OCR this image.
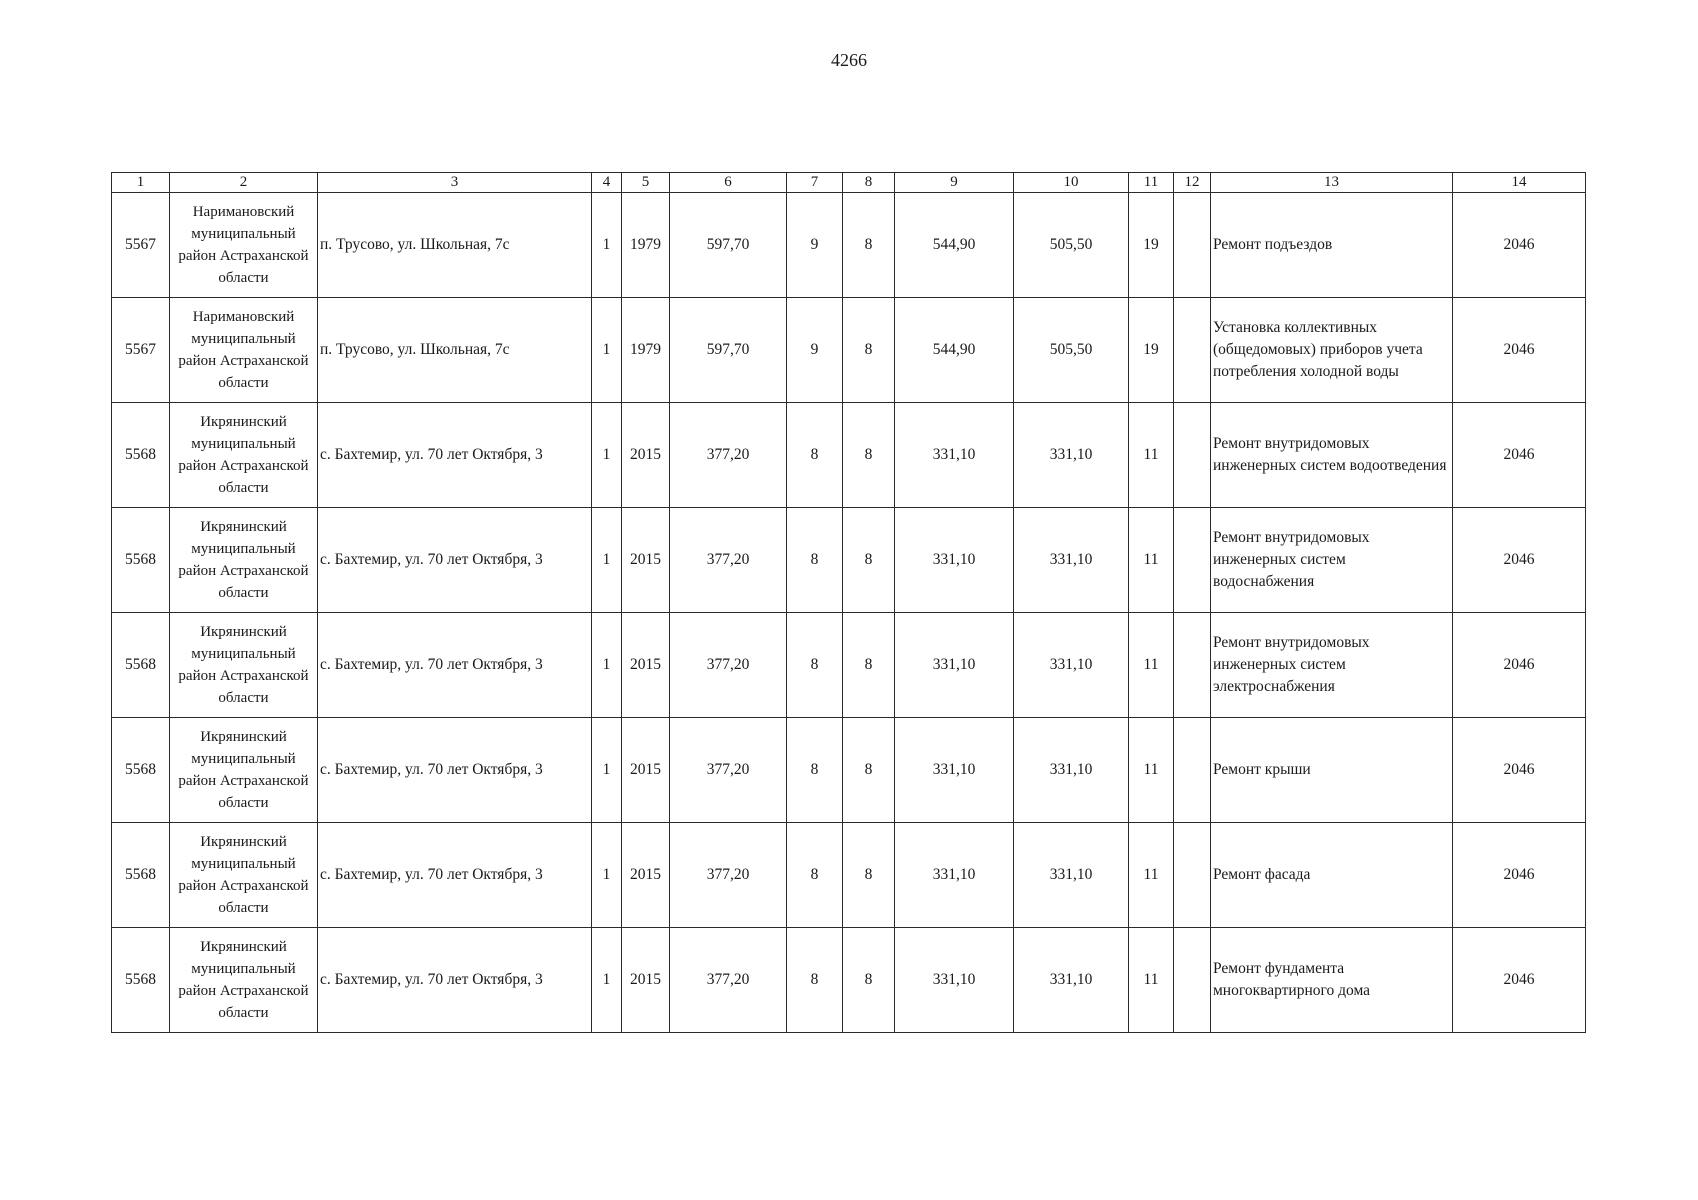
4266
1	2	3	4	5	6	7	8	9	10	11	12	13	14
5567	Наримановский муниципальный район Астраханской области	п. Трусово, ул. Школьная, 7с	1	1979	597,70	9	8	544,90	505,50	19		Ремонт подъездов	2046
5567	Наримановский муниципальный район Астраханской области	п. Трусово, ул. Школьная, 7с	1	1979	597,70	9	8	544,90	505,50	19		Установка коллективных (общедомовых) приборов учета потребления холодной воды	2046
5568	Икрянинский муниципальный район Астраханской области	с. Бахтемир, ул. 70 лет Октября, 3	1	2015	377,20	8	8	331,10	331,10	11		Ремонт внутридомовых инженерных систем водоотведения	2046
5568	Икрянинский муниципальный район Астраханской области	с. Бахтемир, ул. 70 лет Октября, 3	1	2015	377,20	8	8	331,10	331,10	11		Ремонт внутридомовых инженерных систем водоснабжения	2046
5568	Икрянинский муниципальный район Астраханской области	с. Бахтемир, ул. 70 лет Октября, 3	1	2015	377,20	8	8	331,10	331,10	11		Ремонт внутридомовых инженерных систем электроснабжения	2046
5568	Икрянинский муниципальный район Астраханской области	с. Бахтемир, ул. 70 лет Октября, 3	1	2015	377,20	8	8	331,10	331,10	11		Ремонт крыши	2046
5568	Икрянинский муниципальный район Астраханской области	с. Бахтемир, ул. 70 лет Октября, 3	1	2015	377,20	8	8	331,10	331,10	11		Ремонт фасада	2046
5568	Икрянинский муниципальный район Астраханской области	с. Бахтемир, ул. 70 лет Октября, 3	1	2015	377,20	8	8	331,10	331,10	11		Ремонт фундамента многоквартирного дома	2046
